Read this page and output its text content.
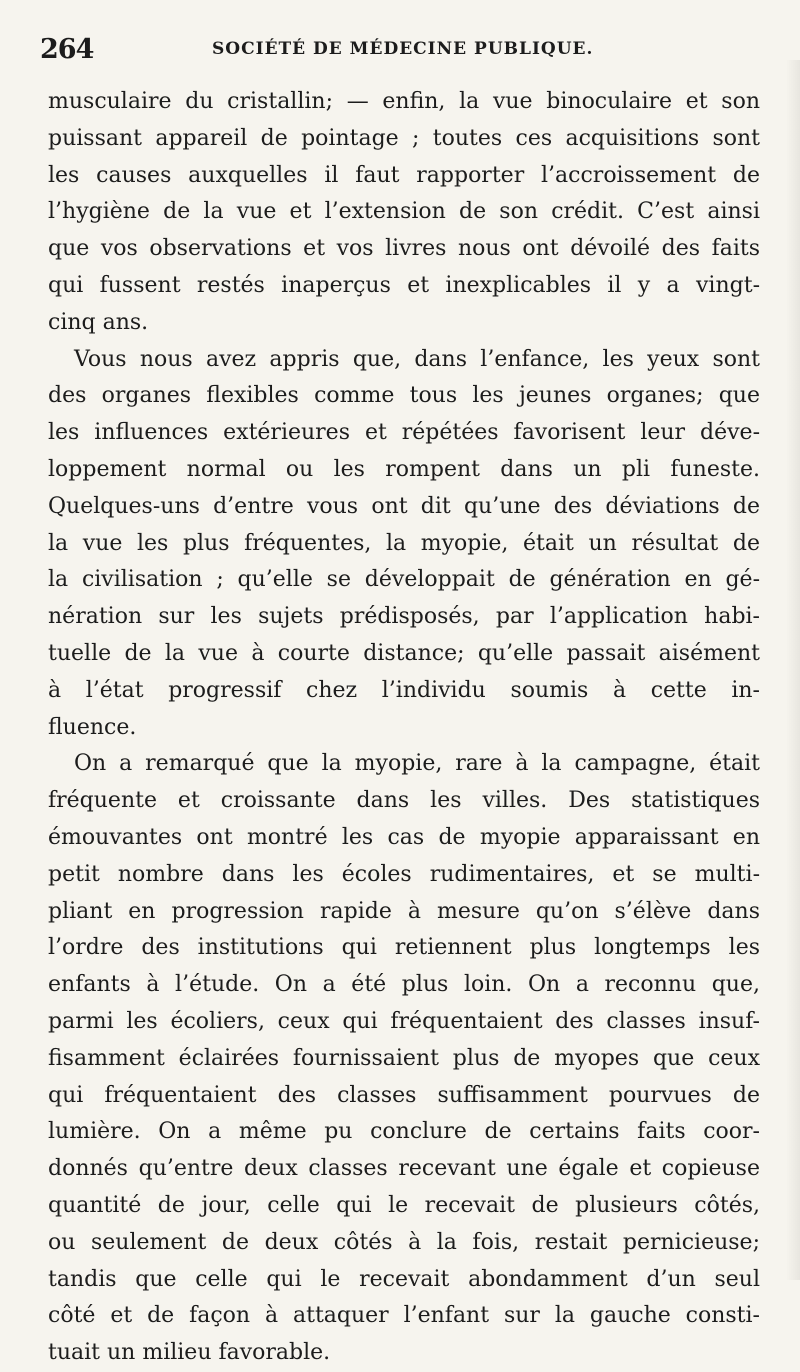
264	SOCIÉTÉ DE MÉDECINE PUBLIQUE.
musculaire du cristallin; — enfin, la vue binoculaire et son
puissant appareil de pointage ; toutes ces acquisitions sont
les causes auxquelles il faut rapporter l’accroissement de
l’hygiène de la vue et l’extension de son crédit. C’est ainsi
que vos observations et vos livres nous ont dévoilé des faits
qui fussent restés inaperçus et inexplicables il y a vingt-
cinq ans.
Vous nous avez appris que, dans l’enfance, les yeux sont
des organes flexibles comme tous les jeunes organes; que
les influences extérieures et répétées favorisent leur déve-
loppement normal ou les rompent dans un pli funeste.
Quelques-uns d’entre vous ont dit qu’une des déviations de
la vue les plus fréquentes, la myopie, était un résultat de
la civilisation ; qu’elle se développait de génération en gé-
nération sur les sujets prédisposés, par l’application habi-
tuelle de la vue à courte distance; qu’elle passait aisément
à l’état progressif chez l’individu soumis à cette in-
fluence.
On a remarqué que la myopie, rare à la campagne, était
fréquente et croissante dans les villes. Des statistiques
émouvantes ont montré les cas de myopie apparaissant en
petit nombre dans les écoles rudimentaires, et se multi-
pliant en progression rapide à mesure qu’on s’élève dans
l’ordre des institutions qui retiennent plus longtemps les
enfants à l’étude. On a été plus loin. On a reconnu que,
parmi les écoliers, ceux qui fréquentaient des classes insuf-
fisamment éclairées fournissaient plus de myopes que ceux
qui fréquentaient des classes suffisamment pourvues de
lumière. On a même pu conclure de certains faits coor-
donnés qu’entre deux classes recevant une égale et copieuse
quantité de jour, celle qui le recevait de plusieurs côtés,
ou seulement de deux côtés à la fois, restait pernicieuse;
tandis que celle qui le recevait abondamment d’un seul
côté et de façon à attaquer l’enfant sur la gauche consti-
tuait un milieu favorable.
